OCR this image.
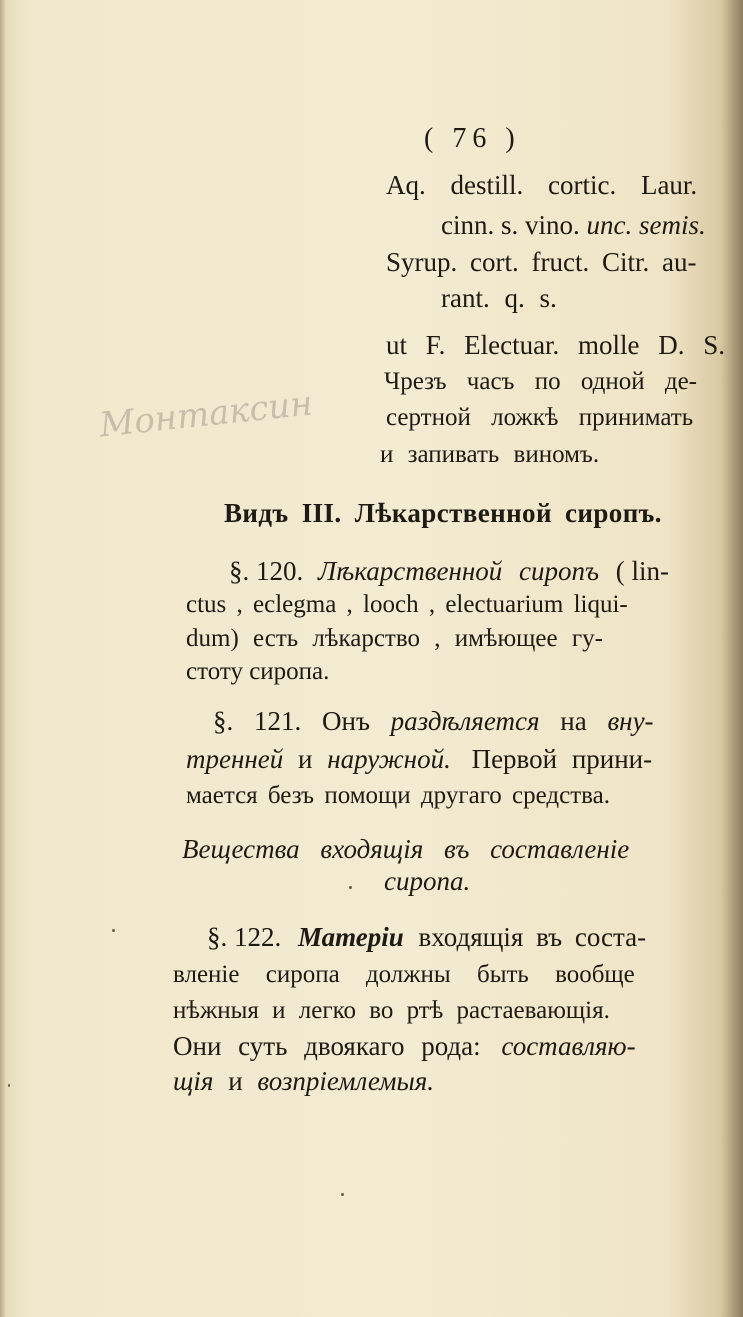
( 76 )
Aq. destill. cortic. Laur.
cinn. s. vino. unc. semis.
Syrup. cort. fruct. Citr. au-
rant. q. s.
ut F. Electuar. molle D. S.
Чрезъ часъ по одной де-
сертной ложкѣ принимать
и запивать виномъ.
Монтаксин
Видъ III. Лѣкарственной сиропъ.
§. 120. Лѣкарственной сиропъ ( lin-
ctus , eclegma , looch , electuarium liqui-
dum) есть лѣкарство , имѣющее гу-
стоту сиропа.
§. 121. Онъ раздѣляется на вну-
тренней и наружной. Первой прини-
мается безъ помощи другаго средства.
Вещества входящія въ составленіе
сиропа.
§. 122. Матеріи входящія въ соста-
вленіе сиропа должны быть вообще
нѣжныя и легко во ртѣ растаевающія.
Они суть двоякаго рода: составляю-
щія и возпріемлемыя.
